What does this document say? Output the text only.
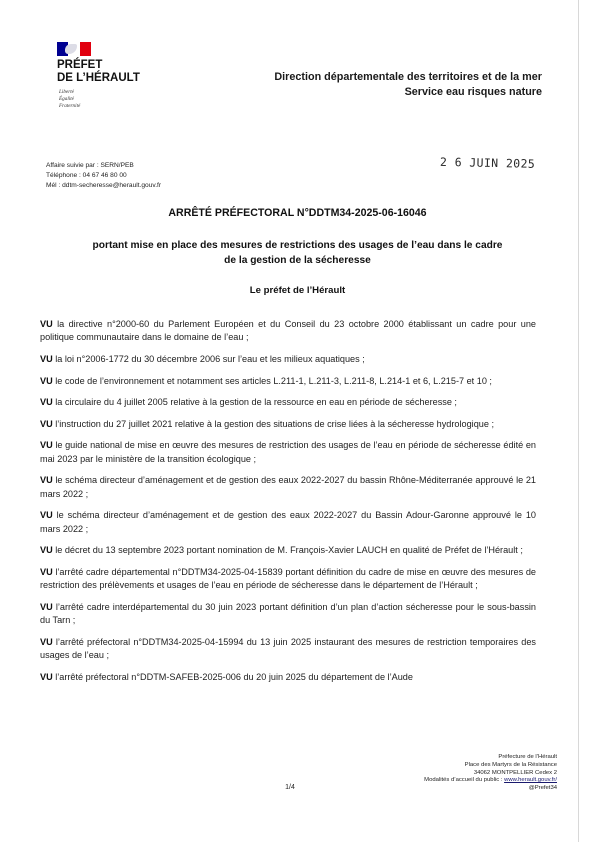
PRÉFET
DE L’HÉRAULT
Liberté
Égalité
Fraternité
Direction départementale des territoires et de la mer
Service eau risques nature
Affaire suivie par : SERN/PEB
Téléphone : 04 67 46 80 00
Mél : ddtm-secheresse@herault.gouv.fr
2 6 JUIN 2025
ARRÊTÉ PRÉFECTORAL N°DDTM34-2025-06-16046
portant mise en place des mesures de restrictions des usages de l’eau dans le cadre
de la gestion de la sécheresse
Le préfet de l’Hérault

VU la directive n°2000-60 du Parlement Européen et du Conseil du 23 octobre 2000 établissant un cadre pour une politique communautaire dans le domaine de l’eau ;

VU la loi n°2006-1772 du 30 décembre 2006 sur l’eau et les milieux aquatiques ;

VU le code de l’environnement et notamment ses articles L.211-1, L.211-3, L.211-8, L.214-1 et 6, L.215-7 et 10 ;

VU la circulaire du 4 juillet 2005 relative à la gestion de la ressource en eau en période de sécheresse ;

VU l’instruction du 27 juillet 2021 relative à la gestion des situations de crise liées à la sécheresse hydrologique ;

VU le guide national de mise en œuvre des mesures de restriction des usages de l’eau en période de sécheresse édité en mai 2023 par le ministère de la transition écologique ;

VU le schéma directeur d’aménagement et de gestion des eaux 2022-2027 du bassin Rhône-Méditerranée approuvé le 21 mars 2022 ;

VU le schéma directeur d’aménagement et de gestion des eaux 2022-2027 du Bassin Adour-Garonne approuvé le 10 mars 2022 ;

VU le décret du 13 septembre 2023 portant nomination de M. François-Xavier LAUCH en qualité de Préfet de l’Hérault ;

VU l’arrêté cadre départemental n°DDTM34-2025-04-15839 portant définition du cadre de mise en œuvre des mesures de restriction des prélèvements et usages de l’eau en période de sécheresse dans le département de l’Hérault ;

VU l’arrêté cadre interdépartemental du 30 juin 2023 portant définition d’un plan d’action sécheresse pour le sous-bassin du Tarn ;

VU l’arrêté préfectoral n°DDTM34-2025-04-15994 du 13 juin 2025 instaurant des mesures de restriction temporaires des usages de l’eau ;

VU l’arrêté préfectoral n°DDTM-SAFEB-2025-006 du 20 juin 2025 du département de l’Aude

Préfecture de l’Hérault
Place des Martyrs de la Résistance
34062 MONTPELLIER Cedex 2
Modalités d’accueil du public : www.herault.gouv.fr/
@Prefet34
1/4
